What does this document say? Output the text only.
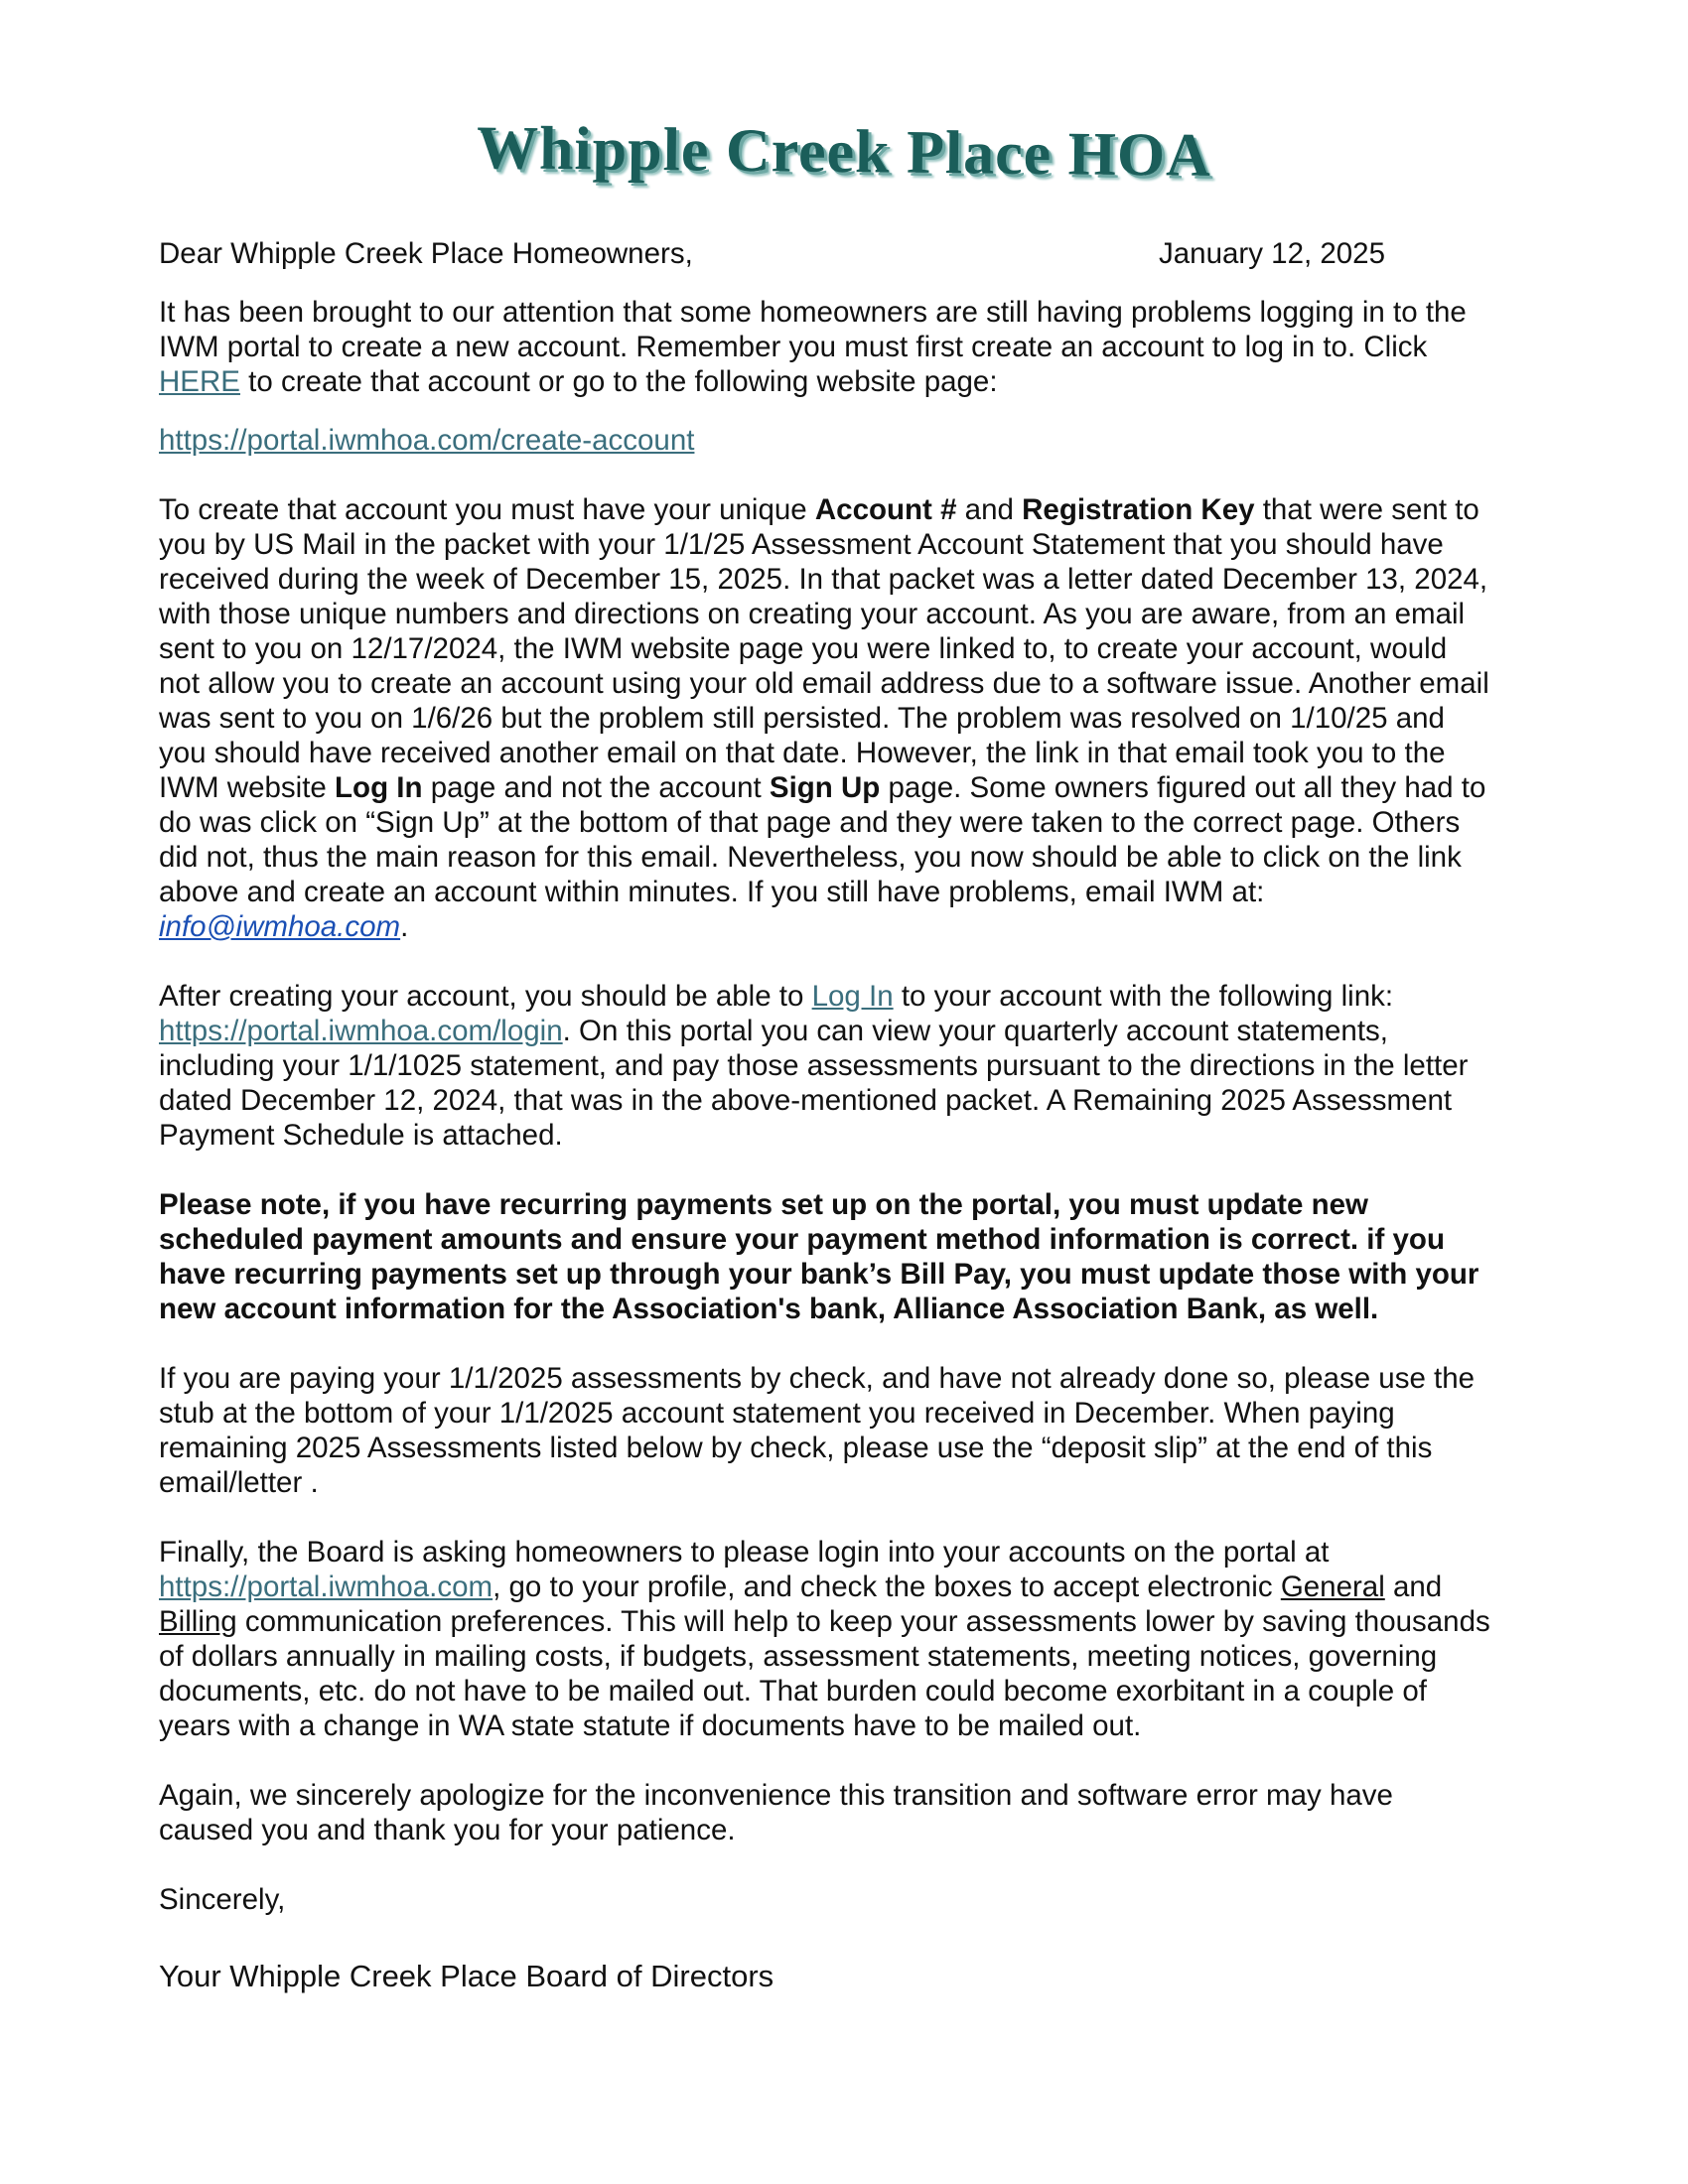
Whipple Creek Place HOA
Dear Whipple Creek Place Homeowners,	January 12, 2025

It has been brought to our attention that some homeowners are still having problems logging in to the IWM portal to create a new account. Remember you must first create an account to log in to. Click HERE to create that account or go to the following website page:

https://portal.iwmhoa.com/create-account

To create that account you must have your unique Account # and Registration Key that were sent to you by US Mail in the packet with your 1/1/25 Assessment Account Statement that you should have received during the week of December 15, 2025. In that packet was a letter dated December 13, 2024, with those unique numbers and directions on creating your account. As you are aware, from an email sent to you on 12/17/2024, the IWM website page you were linked to, to create your account, would not allow you to create an account using your old email address due to a software issue. Another email was sent to you on 1/6/26 but the problem still persisted. The problem was resolved on 1/10/25 and you should have received another email on that date. However, the link in that email took you to the IWM website Log In page and not the account Sign Up page. Some owners figured out all they had to do was click on “Sign Up” at the bottom of that page and they were taken to the correct page. Others did not, thus the main reason for this email. Nevertheless, you now should be able to click on the link above and create an account within minutes. If you still have problems, email IWM at: info@iwmhoa.com.

After creating your account, you should be able to Log In to your account with the following link: https://portal.iwmhoa.com/login. On this portal you can view your quarterly account statements, including your 1/1/1025 statement, and pay those assessments pursuant to the directions in the letter dated December 12, 2024, that was in the above-mentioned packet. A Remaining 2025 Assessment Payment Schedule is attached.

Please note, if you have recurring payments set up on the portal, you must update new scheduled payment amounts and ensure your payment method information is correct. if you have recurring payments set up through your bank’s Bill Pay, you must update those with your new account information for the Association's bank, Alliance Association Bank, as well.

If you are paying your 1/1/2025 assessments by check, and have not already done so, please use the stub at the bottom of your 1/1/2025 account statement you received in December. When paying remaining 2025 Assessments listed below by check, please use the “deposit slip” at the end of this email/letter .

Finally, the Board is asking homeowners to please login into your accounts on the portal at https://portal.iwmhoa.com, go to your profile, and check the boxes to accept electronic General and Billing communication preferences. This will help to keep your assessments lower by saving thousands of dollars annually in mailing costs, if budgets, assessment statements, meeting notices, governing documents, etc. do not have to be mailed out. That burden could become exorbitant in a couple of years with a change in WA state statute if documents have to be mailed out.

Again, we sincerely apologize for the inconvenience this transition and software error may have caused you and thank you for your patience.

Sincerely,

Your Whipple Creek Place Board of Directors
